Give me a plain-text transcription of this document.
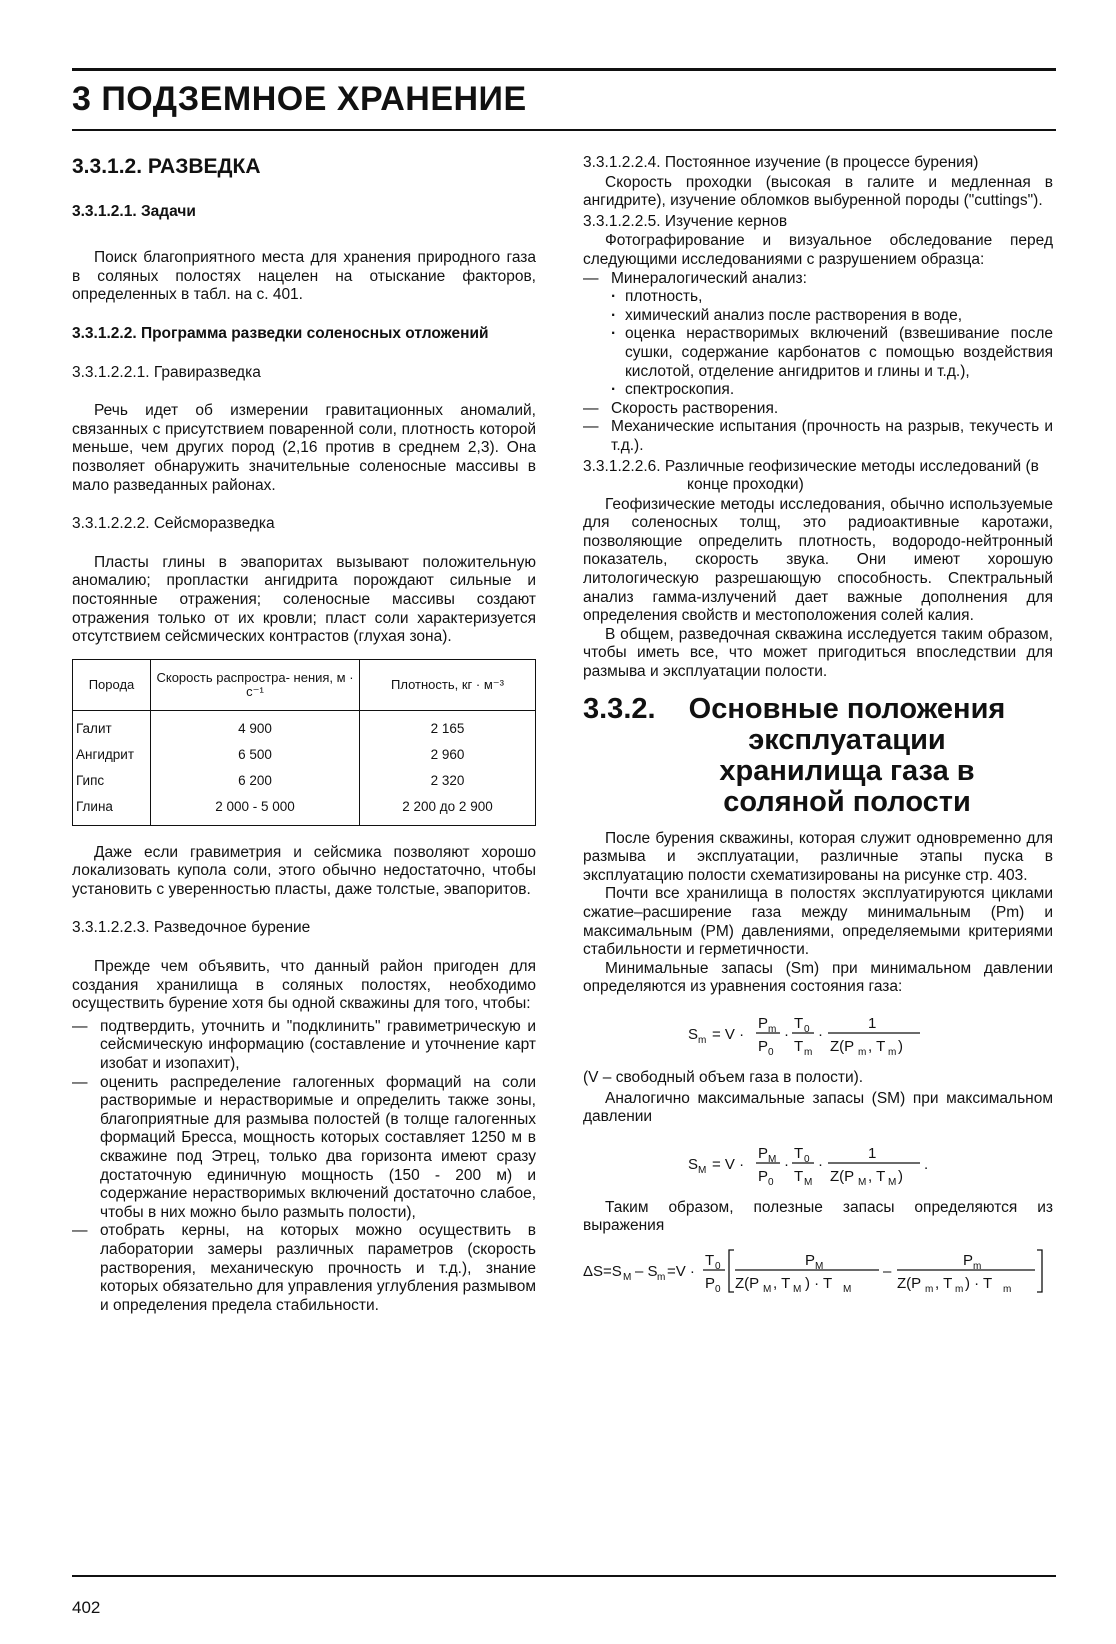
3 ПОДЗЕМНОЕ ХРАНЕНИЕ
3.3.1.2. РАЗВЕДКА
3.3.1.2.1. Задачи

Поиск благоприятного места для хранения природного газа в соляных полостях нацелен на отыскание факторов, определенных в табл. на с. 401.

3.3.1.2.2. Программа разведки соленосных отложений
3.3.1.2.2.1. Гравиразведка

Речь идет об измерении гравитационных аномалий, связанных с присутствием поваренной соли, плотность которой меньше, чем других пород (2,16 против в среднем 2,3). Она позволяет обнаружить значительные соленосные массивы в мало разведанных районах.

3.3.1.2.2.2. Сейсморазведка

Пласты глины в эвапоритах вызывают положительную аномалию; пропластки ангидрита порождают сильные и постоянные отражения; соленосные массивы создают отражения только от их кровли; пласт соли характеризуется отсутствием сейсмических контрастов (глухая зона).

Порода	Скорость распростра- нения, м · с⁻¹	Плотность, кг · м⁻³
Галит	4 900	2 165
Ангидрит	6 500	2 960
Гипс	6 200	2 320
Глина	2 000 - 5 000	2 200 до 2 900

Даже если гравиметрия и сейсмика позволяют хорошо локализовать купола соли, этого обычно недостаточно, чтобы установить с уверенностью пласты, даже толстые, эвапоритов.

3.3.1.2.2.3. Разведочное бурение

Прежде чем объявить, что данный район пригоден для создания хранилища в соляных полостях, необходимо осуществить бурение хотя бы одной скважины для того, чтобы:

— подтвердить, уточнить и "подклинить" гравиметрическую и сейсмическую информацию (составление и уточнение карт изобат и изопахит),

— оценить распределение галогенных формаций на соли растворимые и нерастворимые и определить также зоны, благоприятные для размыва полостей (в толще галогенных формаций Бресса, мощность которых составляет 1250 м в скважине под Этрец, только два горизонта имеют сразу достаточную единичную мощность (150 - 200 м) и содержание нерастворимых включений достаточно слабое, чтобы в них можно было размыть полости),

— отобрать керны, на которых можно осуществить в лаборатории замеры различных параметров (скорость растворения, механическую прочность и т.д.), знание которых обязательно для управления углубления размывом и определения предела стабильности.

3.3.1.2.2.4. Постоянное изучение (в процессе бурения)

Скорость проходки (высокая в галите и медленная в ангидрите), изучение обломков выбуренной породы ("cuttings").

3.3.1.2.2.5. Изучение кернов

Фотографирование и визуальное обследование перед следующими исследованиями с разрушением образца:

— Минералогический анализ:

· плотность,

· химический анализ после растворения в воде,

· оценка нерастворимых включений (взвешивание после сушки, содержание карбонатов с помощью воздействия кислотой, отделение ангидритов и глины и т.д.),

· спектроскопия.

— Скорость растворения.

— Механические испытания (прочность на разрыв, текучесть и т.д.).

3.3.1.2.2.6. Различные геофизические методы исследований (в конце проходки)

Геофизические методы исследования, обычно используемые для соленосных толщ, это радиоактивные каротажи, позволяющие определить плотность, водородо-нейтронный показатель, скорость звука. Они имеют хорошую литологическую разрешающую способность. Спектральный анализ гамма-излучений дает важные дополнения для определения свойств и местоположения солей калия.

В общем, разведочная скважина исследуется таким образом, чтобы иметь все, что может пригодиться впоследствии для размыва и эксплуатации полости.

3.3.2.	Основные положения эксплуатации хранилища газа в соляной полости

После бурения скважины, которая служит одновременно для размыва и эксплуатации, различные этапы пуска в эксплуатацию полости схематизированы на рисунке стр. 403.

Почти все хранилища в полостях эксплуатируются циклами сжатие–расширение газа между минимальным (Pm) и максимальным (PM) давлениями, определяемыми критериями стабильности и герметичности.

Минимальные запасы (Sm) при минимальном давлении определяются из уравнения состояния газа:

S m = V ·
P m
P 0
·
T 0
T m
·
1
Z(P m , T m )

(V – свободный объем газа в полости).

Аналогично максимальные запасы (SM) при максимальном давлении

S M = V ·
P M
P 0
·
T 0
T M
·
1
Z(P M , T M )
.

Таким образом, полезные запасы определяются из выражения

ΔS=S M – S m =V ·
T 0
P 0
P M
Z(P M , T M ) · T M
–
P m
Z(P m , T m ) · T m
402
